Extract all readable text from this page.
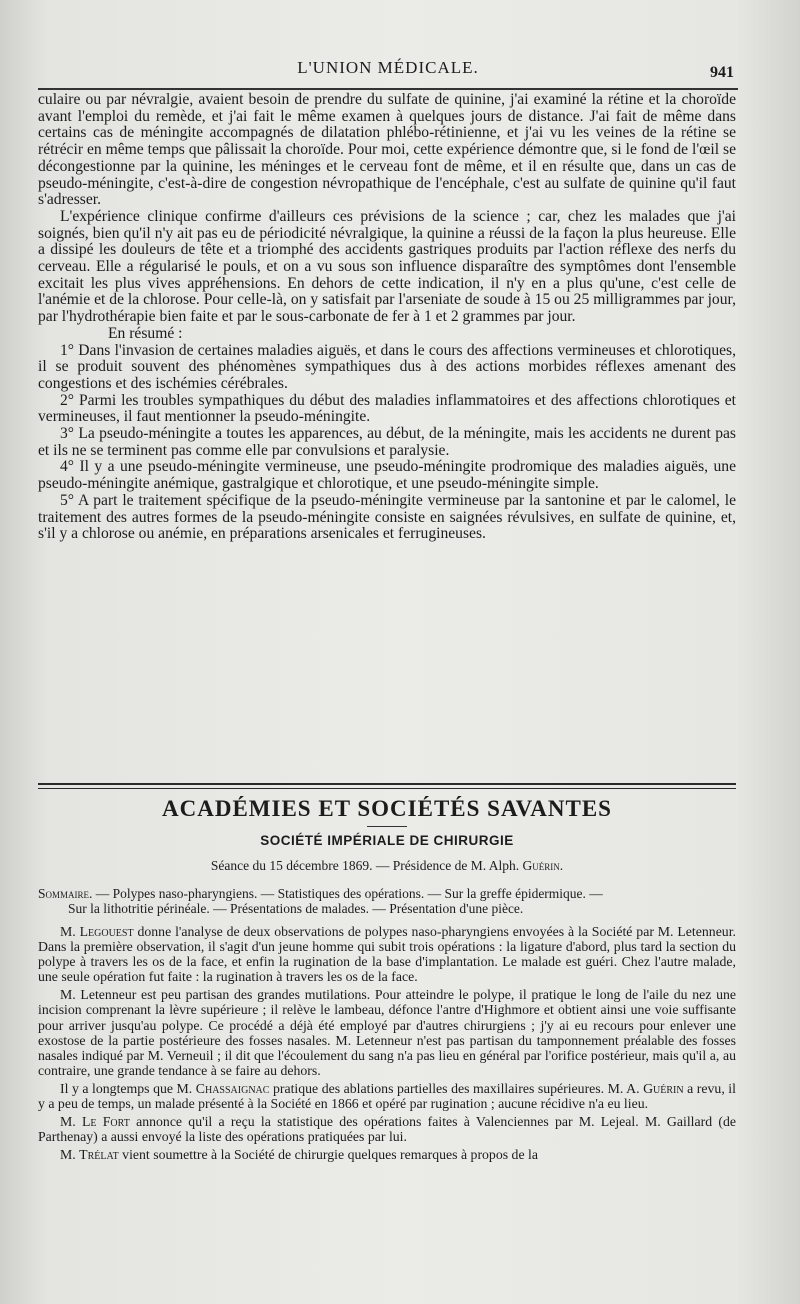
L'UNION MÉDICALE.	941

culaire ou par névralgie, avaient besoin de prendre du sulfate de quinine, j'ai examiné la rétine et la choroïde avant l'emploi du remède, et j'ai fait le même examen à quelques jours de distance. J'ai fait de même dans certains cas de méningite accompagnés de dilatation phlébo-rétinienne, et j'ai vu les veines de la rétine se rétrécir en même temps que pâlissait la choroïde. Pour moi, cette expérience démontre que, si le fond de l'œil se décongestionne par la quinine, les méninges et le cerveau font de même, et il en résulte que, dans un cas de pseudo-méningite, c'est-à-dire de congestion névropathique de l'encéphale, c'est au sulfate de quinine qu'il faut s'adresser.

L'expérience clinique confirme d'ailleurs ces prévisions de la science ; car, chez les malades que j'ai soignés, bien qu'il n'y ait pas eu de périodicité névralgique, la quinine a réussi de la façon la plus heureuse. Elle a dissipé les douleurs de tête et a triomphé des accidents gastriques produits par l'action réflexe des nerfs du cerveau. Elle a régularisé le pouls, et on a vu sous son influence disparaître des symptômes dont l'ensemble excitait les plus vives appréhensions. En dehors de cette indication, il n'y en a plus qu'une, c'est celle de l'anémie et de la chlorose. Pour celle-là, on y satisfait par l'arseniate de soude à 15 ou 25 milligrammes par jour, par l'hydrothérapie bien faite et par le sous-carbonate de fer à 1 et 2 grammes par jour.

En résumé :

1° Dans l'invasion de certaines maladies aiguës, et dans le cours des affections vermineuses et chlorotiques, il se produit souvent des phénomènes sympathiques dus à des actions morbides réflexes amenant des congestions et des ischémies cérébrales.

2° Parmi les troubles sympathiques du début des maladies inflammatoires et des affections chlorotiques et vermineuses, il faut mentionner la pseudo-méningite.

3° La pseudo-méningite a toutes les apparences, au début, de la méningite, mais les accidents ne durent pas et ils ne se terminent pas comme elle par convulsions et paralysie.

4° Il y a une pseudo-méningite vermineuse, une pseudo-méningite prodromique des maladies aiguës, une pseudo-méningite anémique, gastralgique et chlorotique, et une pseudo-méningite simple.

5° A part le traitement spécifique de la pseudo-méningite vermineuse par la santonine et par le calomel, le traitement des autres formes de la pseudo-méningite consiste en saignées révulsives, en sulfate de quinine, et, s'il y a chlorose ou anémie, en préparations arsenicales et ferrugineuses.

ACADÉMIES ET SOCIÉTÉS SAVANTES
SOCIÉTÉ IMPÉRIALE DE CHIRURGIE
Séance du 15 décembre 1869. — Présidence de M. Alph. Guérin.
Sommaire. — Polypes naso-pharyngiens. — Statistiques des opérations. — Sur la greffe épidermique. —
Sur la lithotritie périnéale. — Présentations de malades. — Présentation d'une pièce.

M. Legouest donne l'analyse de deux observations de polypes naso-pharyngiens envoyées à la Société par M. Letenneur. Dans la première observation, il s'agit d'un jeune homme qui subit trois opérations : la ligature d'abord, plus tard la section du polype à travers les os de la face, et enfin la rugination de la base d'implantation. Le malade est guéri. Chez l'autre malade, une seule opération fut faite : la rugination à travers les os de la face.

M. Letenneur est peu partisan des grandes mutilations. Pour atteindre le polype, il pratique le long de l'aile du nez une incision comprenant la lèvre supérieure ; il relève le lambeau, défonce l'antre d'Highmore et obtient ainsi une voie suffisante pour arriver jusqu'au polype. Ce procédé a déjà été employé par d'autres chirurgiens ; j'y ai eu recours pour enlever une exostose de la partie postérieure des fosses nasales. M. Letenneur n'est pas partisan du tamponnement préalable des fosses nasales indiqué par M. Verneuil ; il dit que l'écoulement du sang n'a pas lieu en général par l'orifice postérieur, mais qu'il a, au contraire, une grande tendance à se faire au dehors.

Il y a longtemps que M. Chassaignac pratique des ablations partielles des maxillaires supérieures. M. A. Guérin a revu, il y a peu de temps, un malade présenté à la Société en 1866 et opéré par rugination ; aucune récidive n'a eu lieu.

M. Le Fort annonce qu'il a reçu la statistique des opérations faites à Valenciennes par M. Lejeal. M. Gaillard (de Parthenay) a aussi envoyé la liste des opérations pratiquées par lui.

M. Trélat vient soumettre à la Société de chirurgie quelques remarques à propos de la
